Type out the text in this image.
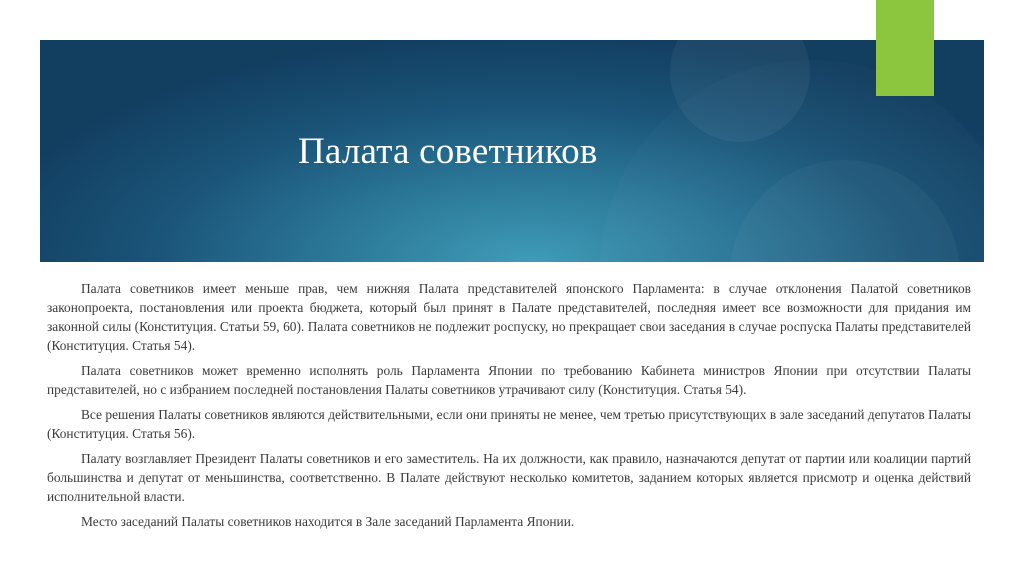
Палата советников

Палата советников имеет меньше прав, чем нижняя Палата представителей японского Парламента: в случае отклонения Палатой советников законопроекта, постановления или проекта бюджета, который был принят в Палате представителей, последняя имеет все возможности для придания им законной силы (Конституция. Статьи 59, 60). Палата советников не подлежит роспуску, но прекращает свои заседания в случае роспуска Палаты представителей (Конституция. Статья 54).

Палата советников может временно исполнять роль Парламента Японии по требованию Кабинета министров Японии при отсутствии Палаты представителей, но с избранием последней постановления Палаты советников утрачивают силу (Конституция. Статья 54).

Все решения Палаты советников являются действительными, если они приняты не менее, чем третью присутствующих в зале заседаний депутатов Палаты (Конституция. Статья 56).

Палату возглавляет Президент Палаты советников и его заместитель. На их должности, как правило, назначаются депутат от партии или коалиции партий большинства и депутат от меньшинства, соответственно. В Палате действуют несколько комитетов, заданием которых является присмотр и оценка действий исполнительной власти.

Место заседаний Палаты советников находится в Зале заседаний Парламента Японии.
